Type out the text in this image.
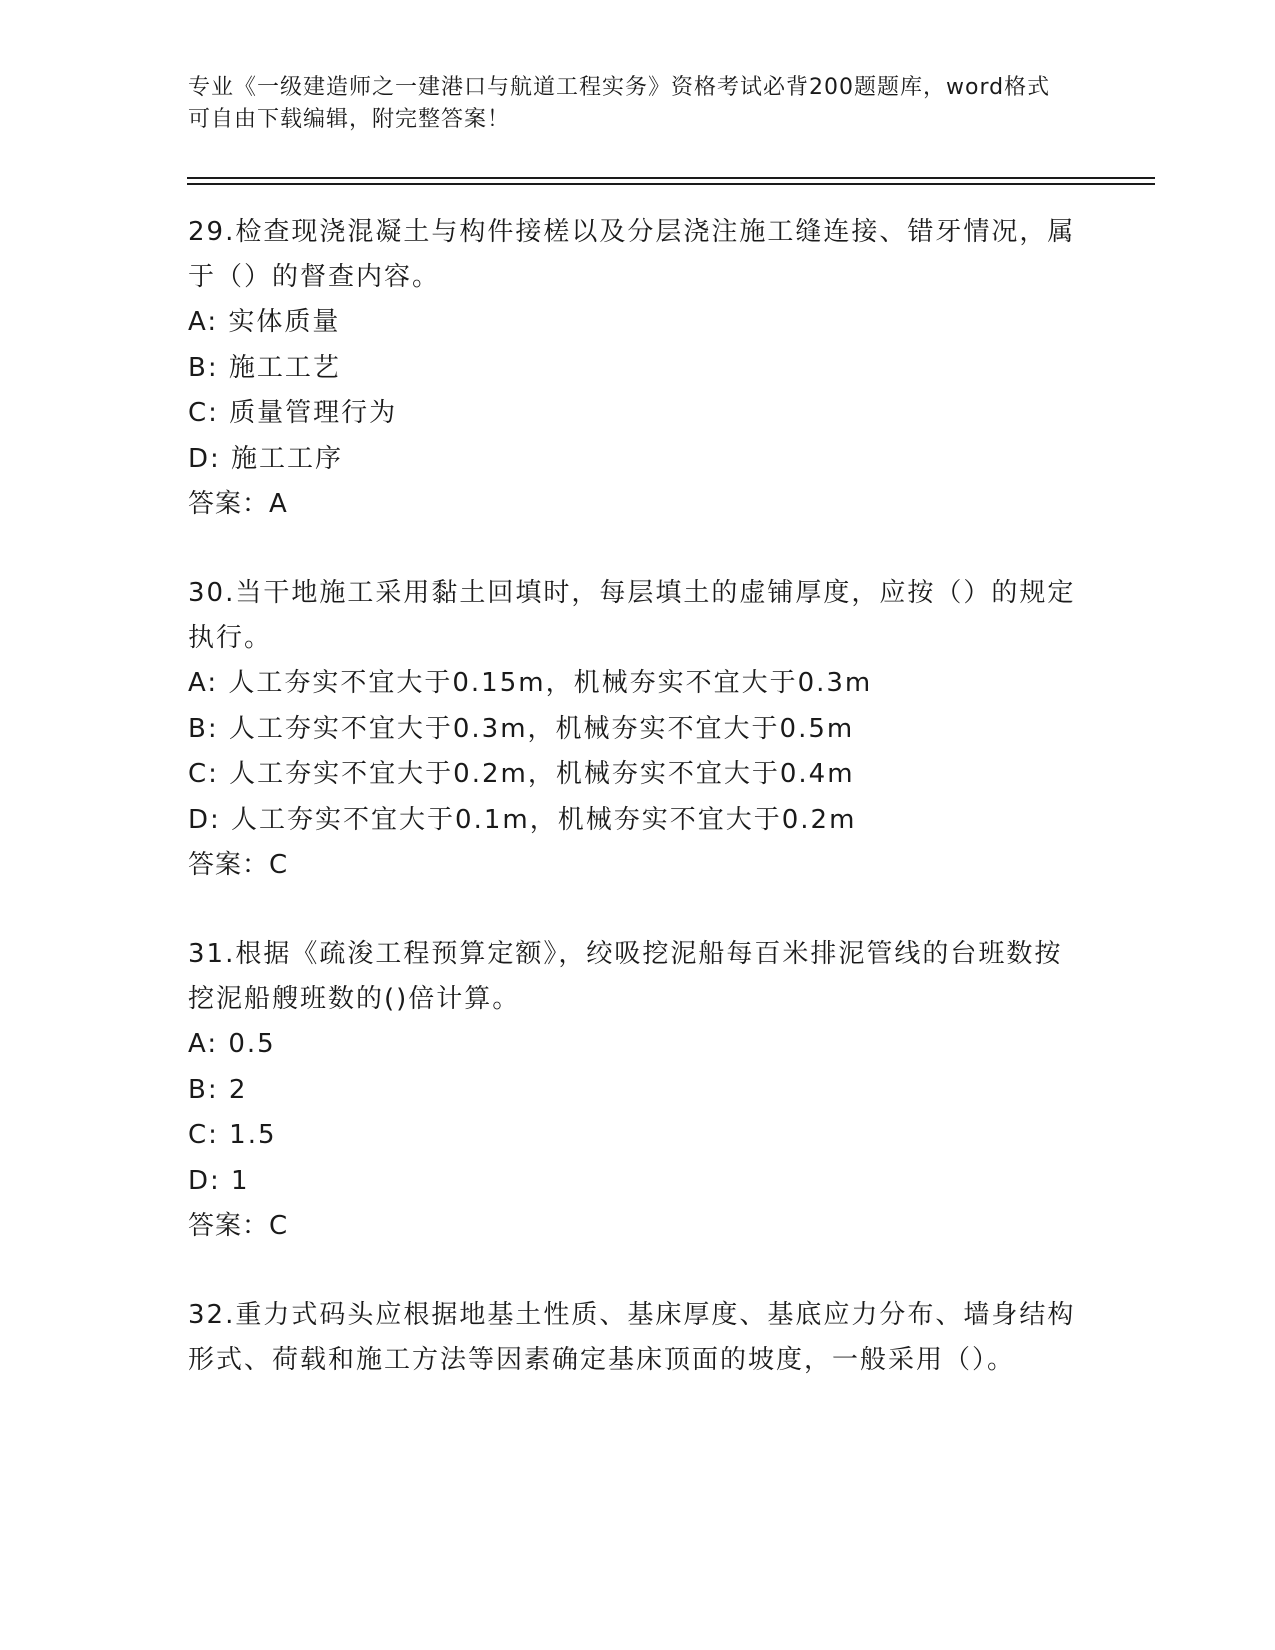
专业《一级建造师之一建港口与航道工程实务》资格考试必背200题题库，word格式可自由下载编辑，附完整答案！
29.检查现浇混凝土与构件接槎以及分层浇注施工缝连接、错牙情况，属于（）的督查内容。
A: 实体质量
B: 施工工艺
C: 质量管理行为
D: 施工工序
答案：A
30.当干地施工采用黏土回填时，每层填土的虚铺厚度，应按（）的规定执行。
A: 人工夯实不宜大于0.15m，机械夯实不宜大于0.3m
B: 人工夯实不宜大于0.3m，机械夯实不宜大于0.5m
C: 人工夯实不宜大于0.2m，机械夯实不宜大于0.4m
D: 人工夯实不宜大于0.1m，机械夯实不宜大于0.2m
答案：C
31.根据《疏浚工程预算定额》，绞吸挖泥船每百米排泥管线的台班数按挖泥船艘班数的()倍计算。
A: 0.5
B: 2
C: 1.5
D: 1
答案：C
32.重力式码头应根据地基土性质、基床厚度、基底应力分布、墙身结构形式、荷载和施工方法等因素确定基床顶面的坡度，一般采用（）。
